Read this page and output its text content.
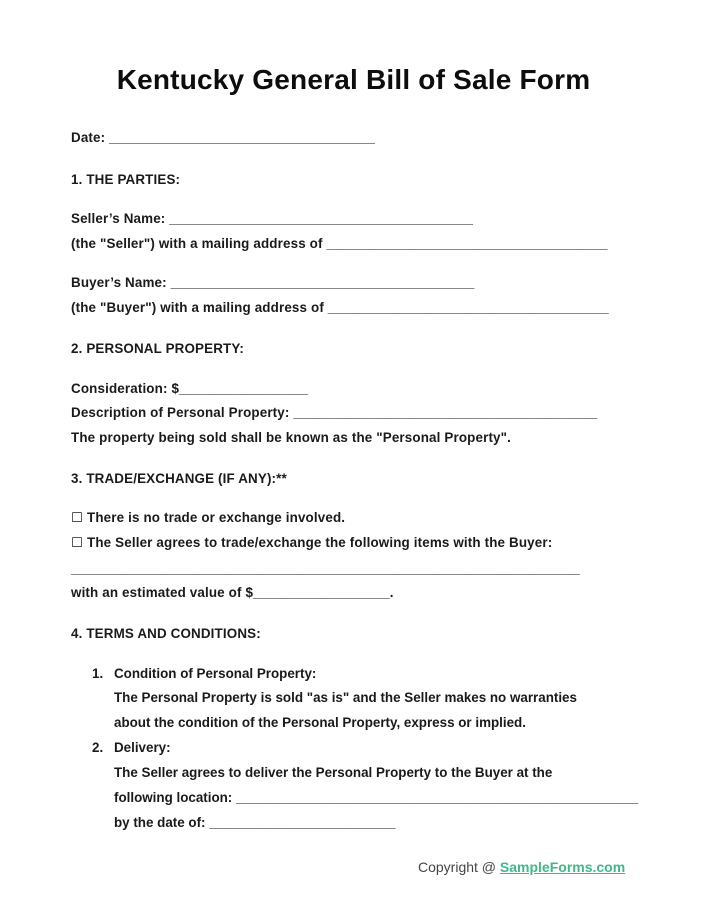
Kentucky General Bill of Sale Form
Date: ___________________________________
1. THE PARTIES:
Seller’s Name: ________________________________________
(the "Seller") with a mailing address of _____________________________________
Buyer’s Name: ________________________________________
(the "Buyer") with a mailing address of _____________________________________
2. PERSONAL PROPERTY:
Consideration: $_________________
Description of Personal Property: ________________________________________
The property being sold shall be known as the "Personal Property".
3. TRADE/EXCHANGE (IF ANY):**
☐ There is no trade or exchange involved.
☐ The Seller agrees to trade/exchange the following items with the Buyer:
___________________________________________________________________
with an estimated value of $__________________.
4. TERMS AND CONDITIONS:
1. Condition of Personal Property:
The Personal Property is sold "as is" and the Seller makes no warranties
about the condition of the Personal Property, express or implied.
2. Delivery:
The Seller agrees to deliver the Personal Property to the Buyer at the
following location: ______________________________________________________
by the date of: _________________________
Copyright @ SampleForms.com
